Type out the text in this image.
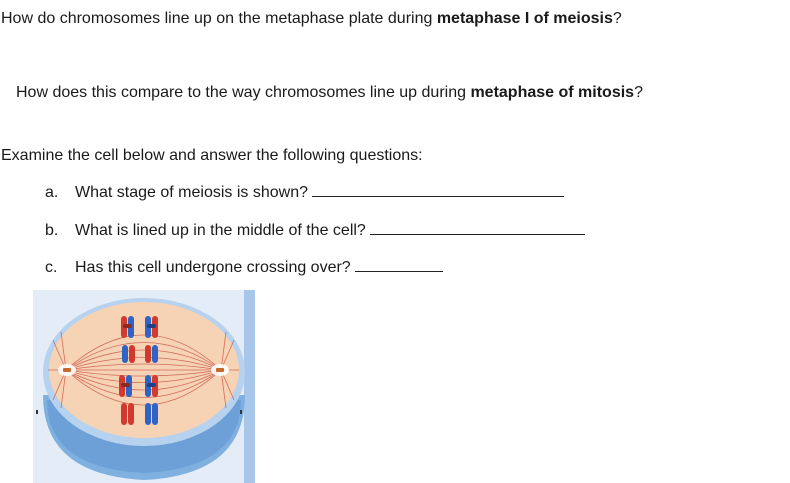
How do chromosomes line up on the metaphase plate during metaphase I of meiosis?
How does this compare to the way chromosomes line up during metaphase of mitosis?
Examine the cell below and answer the following questions:
a. What stage of meiosis is shown?
b. What is lined up in the middle of the cell?
c. Has this cell undergone crossing over?
